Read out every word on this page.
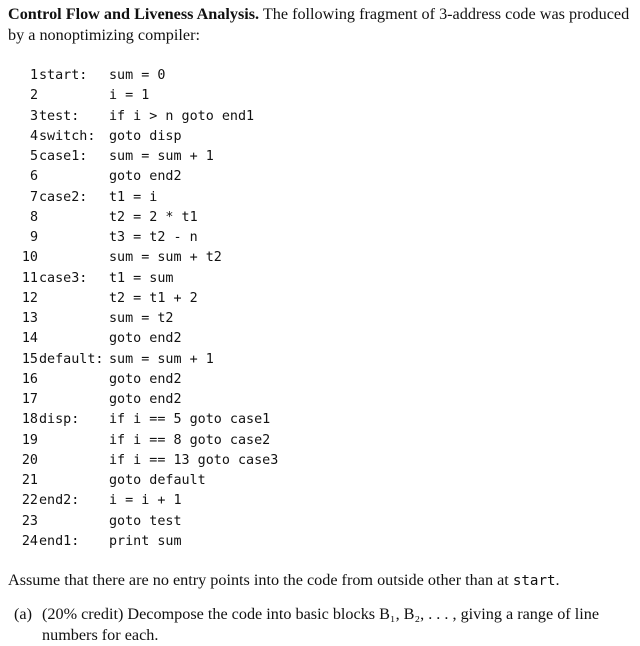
Control Flow and Liveness Analysis. The following fragment of 3-address code was produced by a nonoptimizing compiler:

1start: sum = 0
2	i = 1
3test: if i > n goto end1
4switch: goto disp
5case1: sum = sum + 1
6	goto end2
7case2: t1 = i
8	t2 = 2 * t1
9	t3 = t2 - n
10	sum = sum + t2
11case3: t1 = sum
12	t2 = t1 + 2
13	sum = t2
14	goto end2
15default: sum = sum + 1
16	goto end2
17	goto end2
18disp: if i == 5 goto case1
19	if i == 8 goto case2
20	if i == 13 goto case3
21	goto default
22end2: i = i + 1
23	goto test
24end1: print sum

Assume that there are no entry points into the code from outside other than at start.

(a) (20% credit) Decompose the code into basic blocks B₁, B₂, . . . , giving a range of line numbers for each.
